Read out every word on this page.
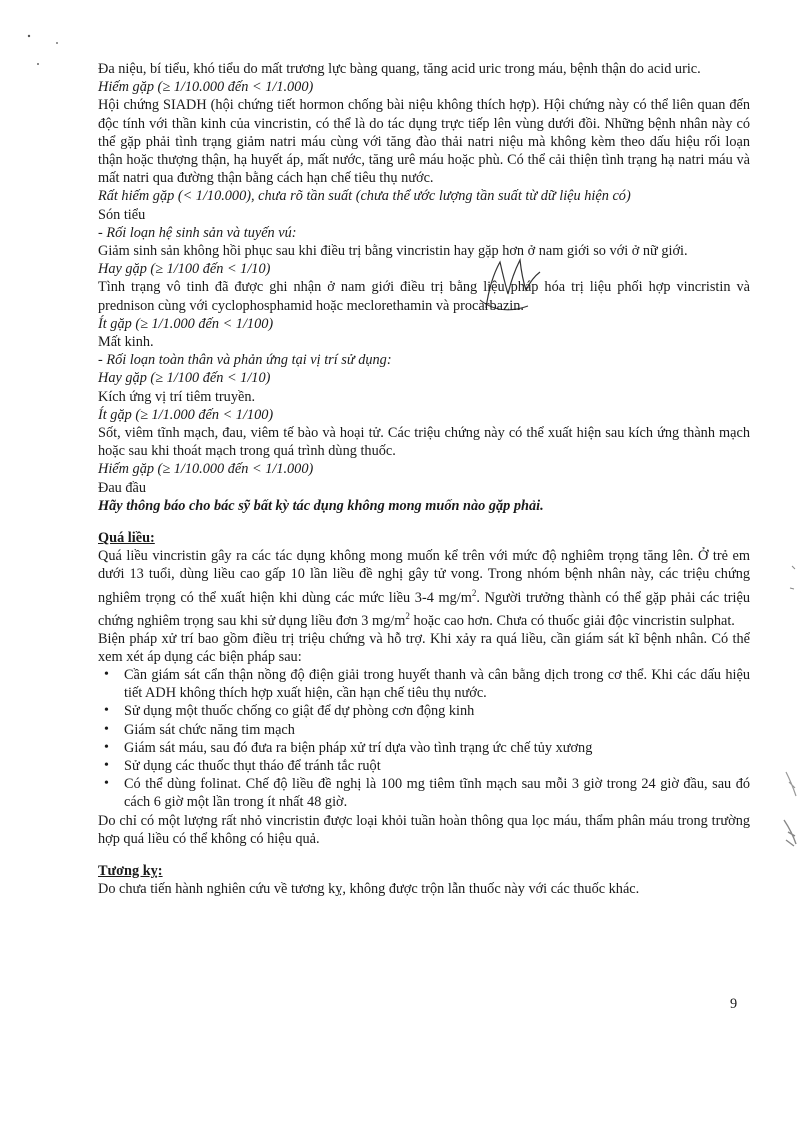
Đa niệu, bí tiểu, khó tiểu do mất trương lực bàng quang, tăng acid uric trong máu, bệnh thận do acid uric.

Hiếm gặp (≥ 1/10.000 đến < 1/1.000)

Hội chứng SIADH (hội chứng tiết hormon chống bài niệu không thích hợp). Hội chứng này có thể liên quan đến độc tính với thần kinh của vincristin, có thể là do tác dụng trực tiếp lên vùng dưới đồi. Những bệnh nhân này có thể gặp phải tình trạng giảm natri máu cùng với tăng đào thải natri niệu mà không kèm theo dấu hiệu rối loạn thận hoặc thượng thận, hạ huyết áp, mất nước, tăng urê máu hoặc phù. Có thể cải thiện tình trạng hạ natri máu và mất natri qua đường thận bằng cách hạn chế tiêu thụ nước.

Rất hiếm gặp (< 1/10.000), chưa rõ tần suất (chưa thể ước lượng tần suất từ dữ liệu hiện có)

Són tiểu

- Rối loạn hệ sinh sản và tuyến vú:

Giảm sinh sản không hồi phục sau khi điều trị bằng vincristin hay gặp hơn ở nam giới so với ở nữ giới.

Hay gặp (≥ 1/100 đến < 1/10)

Tình trạng vô tinh đã được ghi nhận ở nam giới điều trị bằng liệu pháp hóa trị liệu phối hợp vincristin và prednison cùng với cyclophosphamid hoặc meclorethamin và procarbazin.

Ít gặp (≥ 1/1.000 đến < 1/100)

Mất kinh.

- Rối loạn toàn thân và phản ứng tại vị trí sử dụng:

Hay gặp (≥ 1/100 đến < 1/10)

Kích ứng vị trí tiêm truyền.

Ít gặp (≥ 1/1.000 đến < 1/100)

Sốt, viêm tĩnh mạch, đau, viêm tế bào và hoại tử. Các triệu chứng này có thể xuất hiện sau kích ứng thành mạch hoặc sau khi thoát mạch trong quá trình dùng thuốc.

Hiếm gặp (≥ 1/10.000 đến < 1/1.000)

Đau đầu

Hãy thông báo cho bác sỹ bất kỳ tác dụng không mong muốn nào gặp phải.

Quá liều:

Quá liều vincristin gây ra các tác dụng không mong muốn kể trên với mức độ nghiêm trọng tăng lên. Ở trẻ em dưới 13 tuổi, dùng liều cao gấp 10 lần liều đề nghị gây tử vong. Trong nhóm bệnh nhân này, các triệu chứng nghiêm trọng có thể xuất hiện khi dùng các mức liều 3-4 $mg/m^2$. Người trưởng thành có thể gặp phải các triệu chứng nghiêm trọng sau khi sử dụng liều đơn 3 $mg/m^2$ hoặc cao hơn. Chưa có thuốc giải độc vincristin sulphat.

Biện pháp xử trí bao gồm điều trị triệu chứng và hỗ trợ. Khi xảy ra quá liều, cần giám sát kĩ bệnh nhân. Có thể xem xét áp dụng các biện pháp sau:

• Cần giám sát cẩn thận nồng độ điện giải trong huyết thanh và cân bằng dịch trong cơ thể. Khi các dấu hiệu tiết ADH không thích hợp xuất hiện, cần hạn chế tiêu thụ nước.
• Sử dụng một thuốc chống co giật để dự phòng cơn động kinh
• Giám sát chức năng tim mạch
• Giám sát máu, sau đó đưa ra biện pháp xử trí dựa vào tình trạng ức chế tủy xương
• Sử dụng các thuốc thụt tháo để tránh tắc ruột
• Có thể dùng folinat. Chế độ liều đề nghị là 100 mg tiêm tĩnh mạch sau mỗi 3 giờ trong 24 giờ đầu, sau đó cách 6 giờ một lần trong ít nhất 48 giờ.

Do chỉ có một lượng rất nhỏ vincristin được loại khỏi tuần hoàn thông qua lọc máu, thẩm phân máu trong trường hợp quá liều có thể không có hiệu quả.

Tương kỵ:

Do chưa tiến hành nghiên cứu về tương kỵ, không được trộn lẫn thuốc này với các thuốc khác.

9
